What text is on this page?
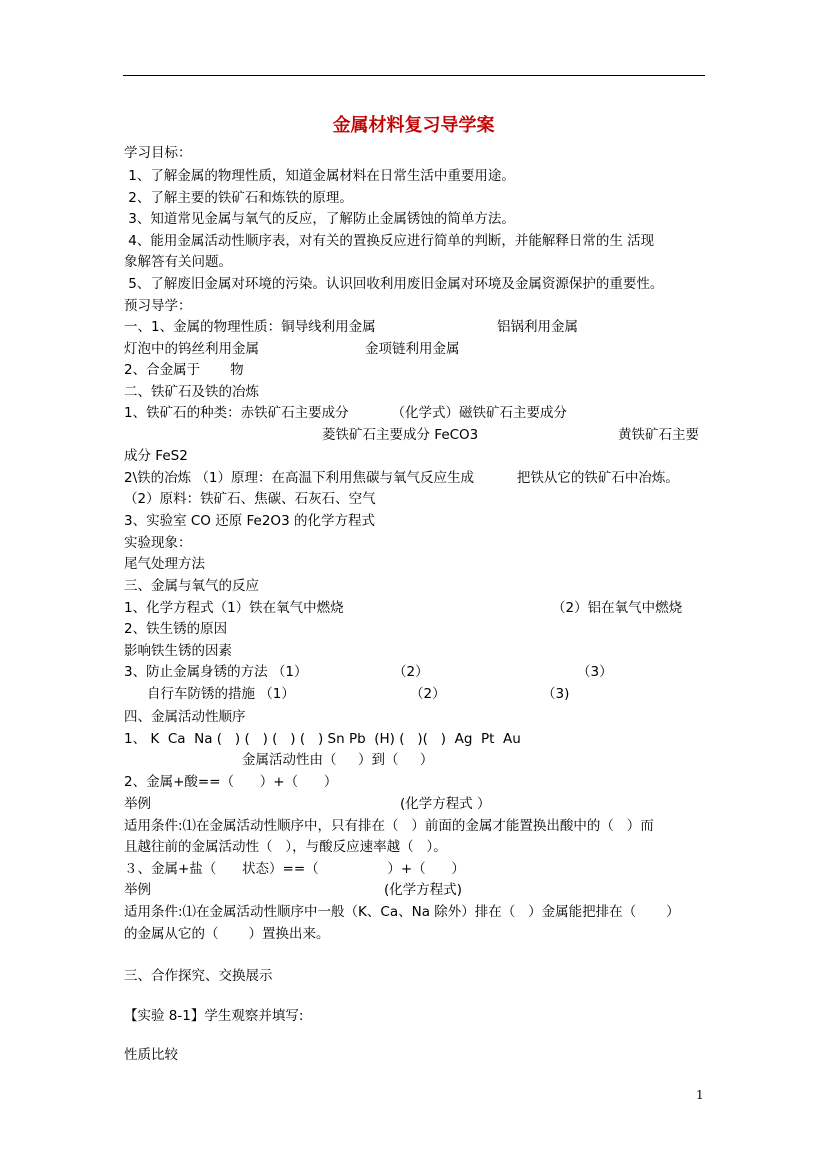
金属材料复习导学案
学习目标：
1、了解金属的物理性质，知道金属材料在日常生活中重要用途。
2、了解主要的铁矿石和炼铁的原理。
3、知道常见金属与氧气的反应，了解防止金属锈蚀的简单方法。
4、能用金属活动性顺序表，对有关的置换反应进行简单的判断，并能解释日常的生 活现
象解答有关问题。
5、了解废旧金属对环境的污染。认识回收利用废旧金属对环境及金属资源保护的重要性。
预习导学：
一、1、金属的物理性质：铜导线利用金属	铝锅利用金属
灯泡中的钨丝利用金属	金项链利用金属
2、合金属于       物
二、铁矿石及铁的冶炼
1、铁矿石的种类：赤铁矿石主要成分          （化学式）磁铁矿石主要成分
菱铁矿石主要成分 FeCO3	黄铁矿石主要
成分 FeS2
2\铁的冶炼 （1）原理：在高温下利用焦碳与氧气反应生成          把铁从它的铁矿石中冶炼。
（2）原料：铁矿石、焦碳、石灰石、空气
3、实验室 CO 还原 Fe2O3 的化学方程式
实验现象：
尾气处理方法
三、金属与氧气的反应
1、化学方程式（1）铁在氧气中燃烧	（2）铝在氧气中燃烧
2、铁生锈的原因
影响铁生锈的因素
3、防止金属身锈的方法 （1）	（2）	（3）
自行车防锈的措施 （1）	（2）	（3)
四、金属活动性顺序
1、 K  Ca  Na (   ) (   ) (   ) (   ) Sn Pb  (H) (   )(   )  Ag  Pt  Au
金属活动性由（     ）到（     ）
2、金属+酸==（      ）+（      ）
举例	(化学方程式 ）
适用条件:⑴在金属活动性顺序中，只有排在（   ）前面的金属才能置换出酸中的（   ）而
且越往前的金属活动性（   ），与酸反应速率越（   ）。
３、金属+盐（      状态）==（                ）+（      ）
举例	(化学方程式)
适用条件:⑴在金属活动性顺序中一般（K、Ca、Na 除外）排在（   ）金属能把排在（       ）
的金属从它的（       ）置换出来。
三、合作探究、交换展示
【实验 8-1】学生观察并填写:
性质比较
1
